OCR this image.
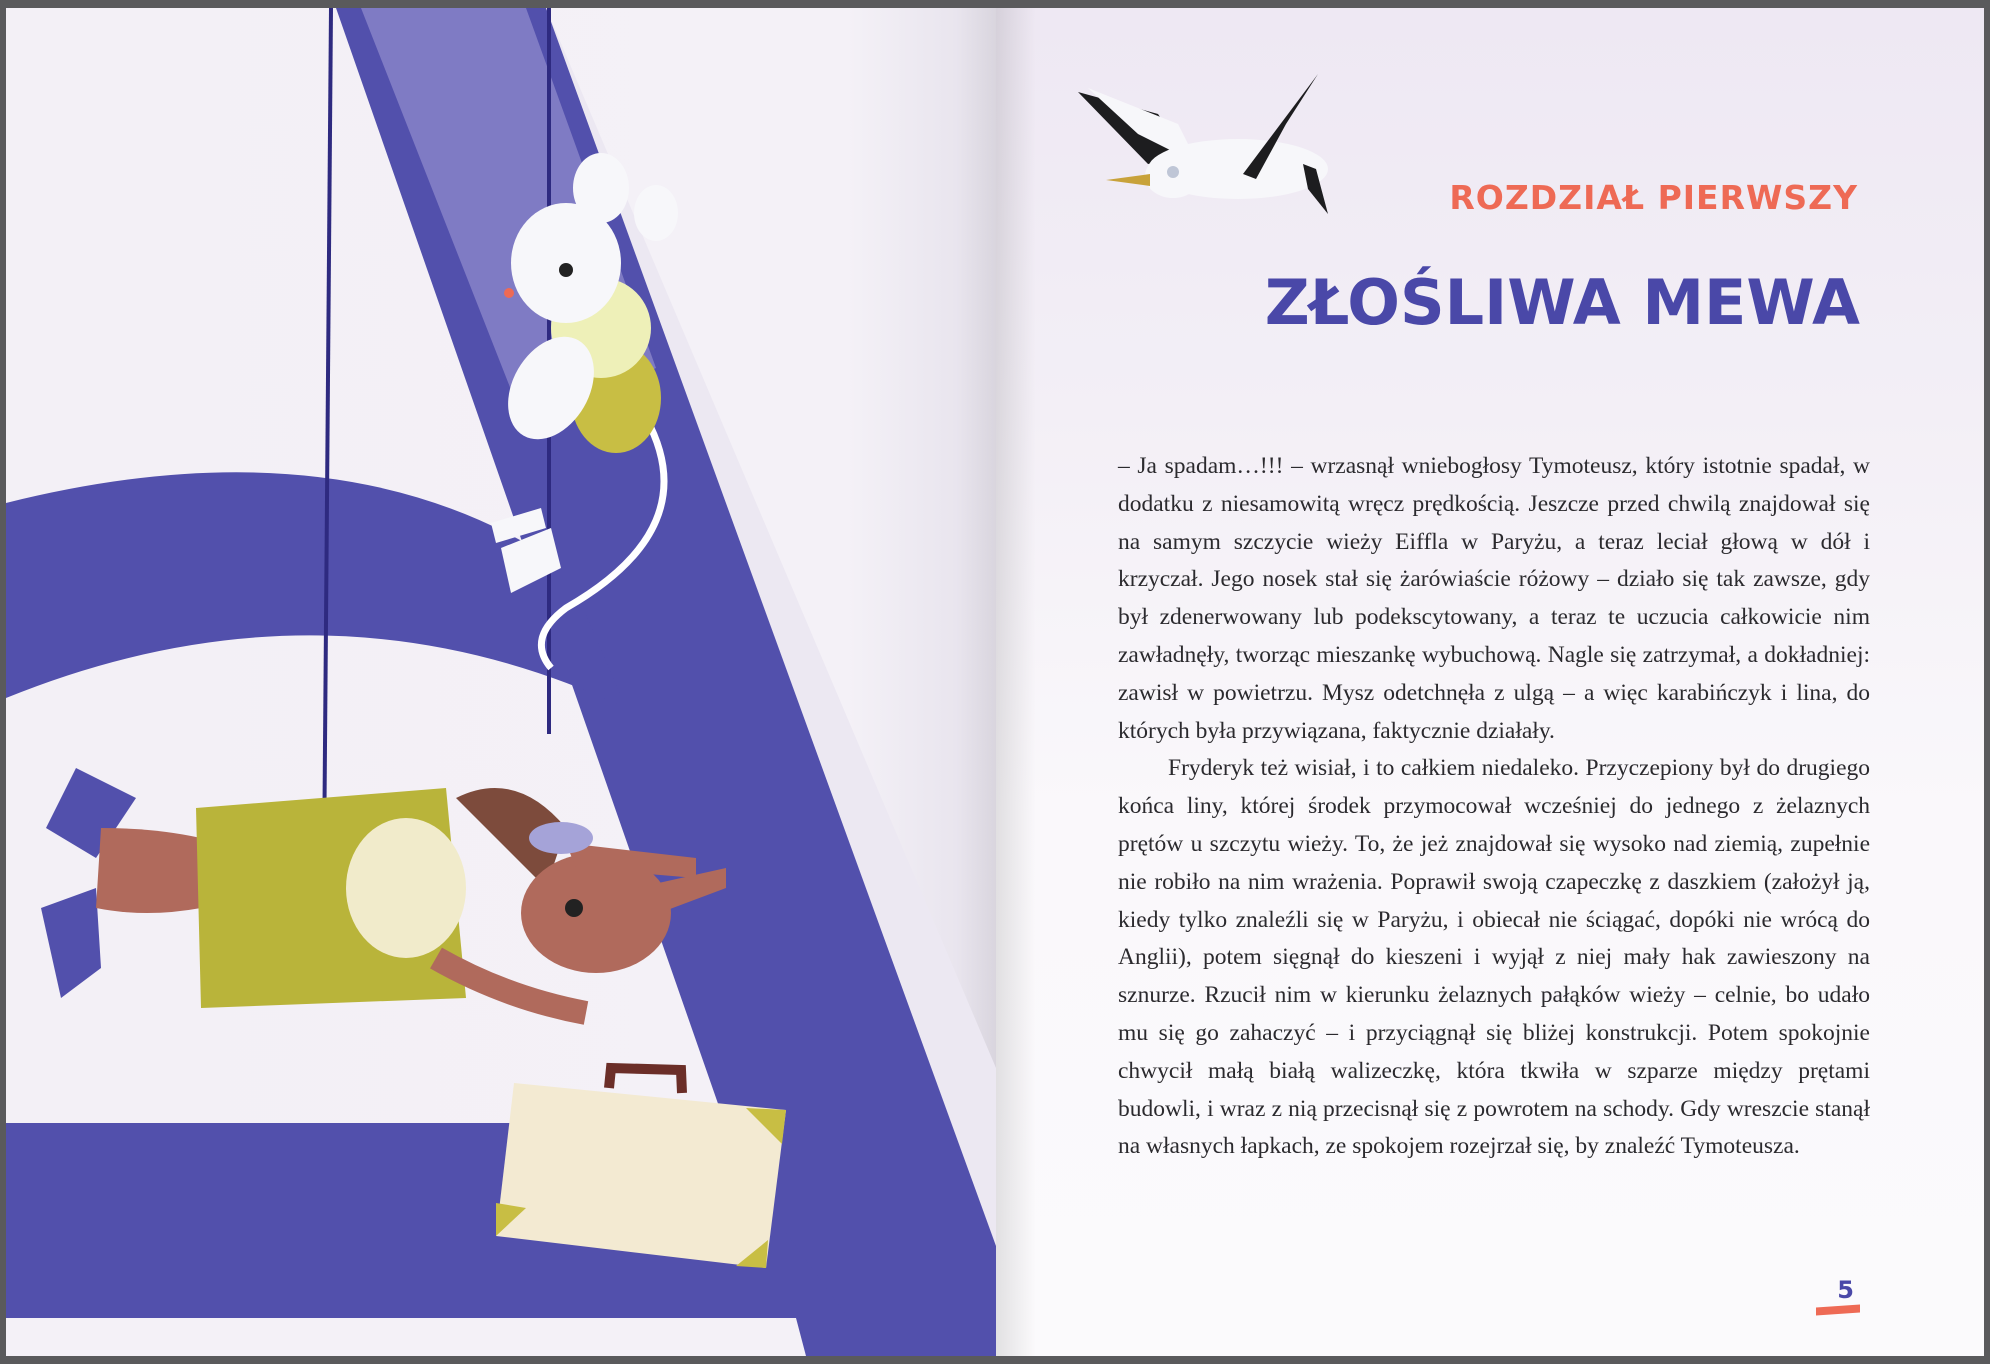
ROZDZIAŁ PIERWSZY
ZŁOŚLIWA MEWA

– Ja spadam…!!! – wrzasnął wniebogłosy Tymoteusz, który istotnie spadał, w dodatku z niesamowitą wręcz prędkością. Jeszcze przed chwilą znajdował się na samym szczycie wieży Eiffla w Paryżu, a teraz leciał głową w dół i krzyczał. Jego nosek stał się żarówiaście różowy – działo się tak zawsze, gdy był zdenerwowany lub podekscytowany, a teraz te uczucia całkowicie nim zawładnęły, tworząc mieszankę wybuchową. Nagle się zatrzymał, a dokładniej: zawisł w powietrzu. Mysz odetchnęła z ulgą – a więc karabińczyk i lina, do których była przywiązana, faktycznie działały.

Fryderyk też wisiał, i to całkiem niedaleko. Przyczepiony był do drugiego końca liny, której środek przymocował wcześniej do jednego z żelaznych prętów u szczytu wieży. To, że jeż znajdował się wysoko nad ziemią, zupełnie nie robiło na nim wrażenia. Poprawił swoją czapeczkę z daszkiem (założył ją, kiedy tylko znaleźli się w Paryżu, i obiecał nie ściągać, dopóki nie wrócą do Anglii), potem sięgnął do kieszeni i wyjął z niej mały hak zawieszony na sznurze. Rzucił nim w kierunku żelaznych pałąków wieży – celnie, bo udało mu się go zahaczyć – i przyciągnął się bliżej konstrukcji. Potem spokojnie chwycił małą białą walizeczkę, która tkwiła w szparze między prętami budowli, i wraz z nią przecisnął się z powrotem na schody. Gdy wreszcie stanął na własnych łapkach, ze spokojem rozejrzał się, by znaleźć Tymoteusza.

5
